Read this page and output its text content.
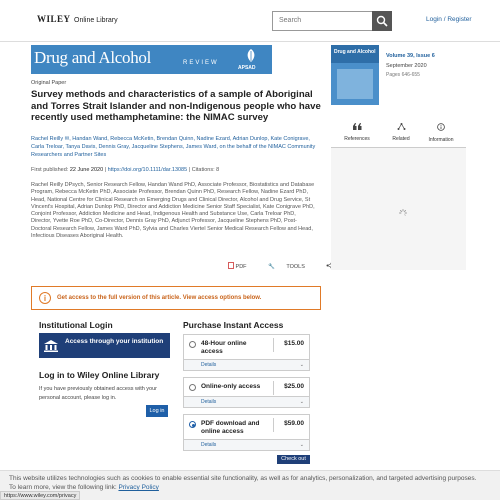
WILEY Online Library	Search	Login / Register
Drug and Alcohol	REVIEW
APSAD
Original Paper
Survey methods and characteristics of a sample of Aboriginal and Torres Strait Islander and non-Indigenous people who have recently used methamphetamine: the NIMAC survey
Rachel Reilly ✉, Handan Wand, Rebecca McKetin, Brendan Quinn, Nadine Ezard, Adrian Dunlop, Kate Conigrave, Carla Treloar, Tanya Davis, Dennis Gray, Jacqueline Stephens, James Ward, on the behalf of the NIMAC Community Researchers and Partner Sites
First published: 22 June 2020 | https://doi.org/10.1111/dar.13085 | Citations: 8
Rachel Reilly DPsych, Senior Research Fellow, Handan Wand PhD, Associate Professor, Biostatistics and Database Program, Rebecca McKetin PhD, Associate Professor, Brendan Quinn PhD, Research Fellow, Nadine Ezard PhD, Head, National Centre for Clinical Research on Emerging Drugs and Clinical Director, Alcohol and Drug Service, St Vincent's Hospital, Adrian Dunlop PhD, Director and Addiction Medicine Senior Staff Specialist, Kate Conigrave PhD, Conjoint Professor, Addiction Medicine and Head, Indigenous Health and Substance Use, Carla Treloar PhD, Director, Yvette Roe PhD, Co-Director, Dennis Gray PhD, Adjunct Professor, Jacqueline Stephens PhD, Post-Doctoral Research Fellow, James Ward PhD, Sylvia and Charles Viertel Senior Medical Research Fellow and Head, Infectious Diseases Aboriginal Health.
PDF	🔧 TOOLS
i	Get access to the full version of this article. View access options below.
Institutional Login
Access through your institution
Log in to Wiley Online Library
If you have previously obtained access with your personal account, please log in.
Log in
Purchase Instant Access
48-Hour online access
$15.00
Details	⌄
Online-only access	$25.00
Details	⌄
PDF download and online access
$59.00
Details	⌄
Check out
Drug and Alcohol
Volume 39, Issue 6
September 2020
Pages 646-655
References	Related	Information
This website utilizes technologies such as cookies to enable essential site functionality, as well as for analytics, personalization, and targeted advertising purposes.
To learn more, view the following link: Privacy Policy
https://www.wiley.com/privacy
